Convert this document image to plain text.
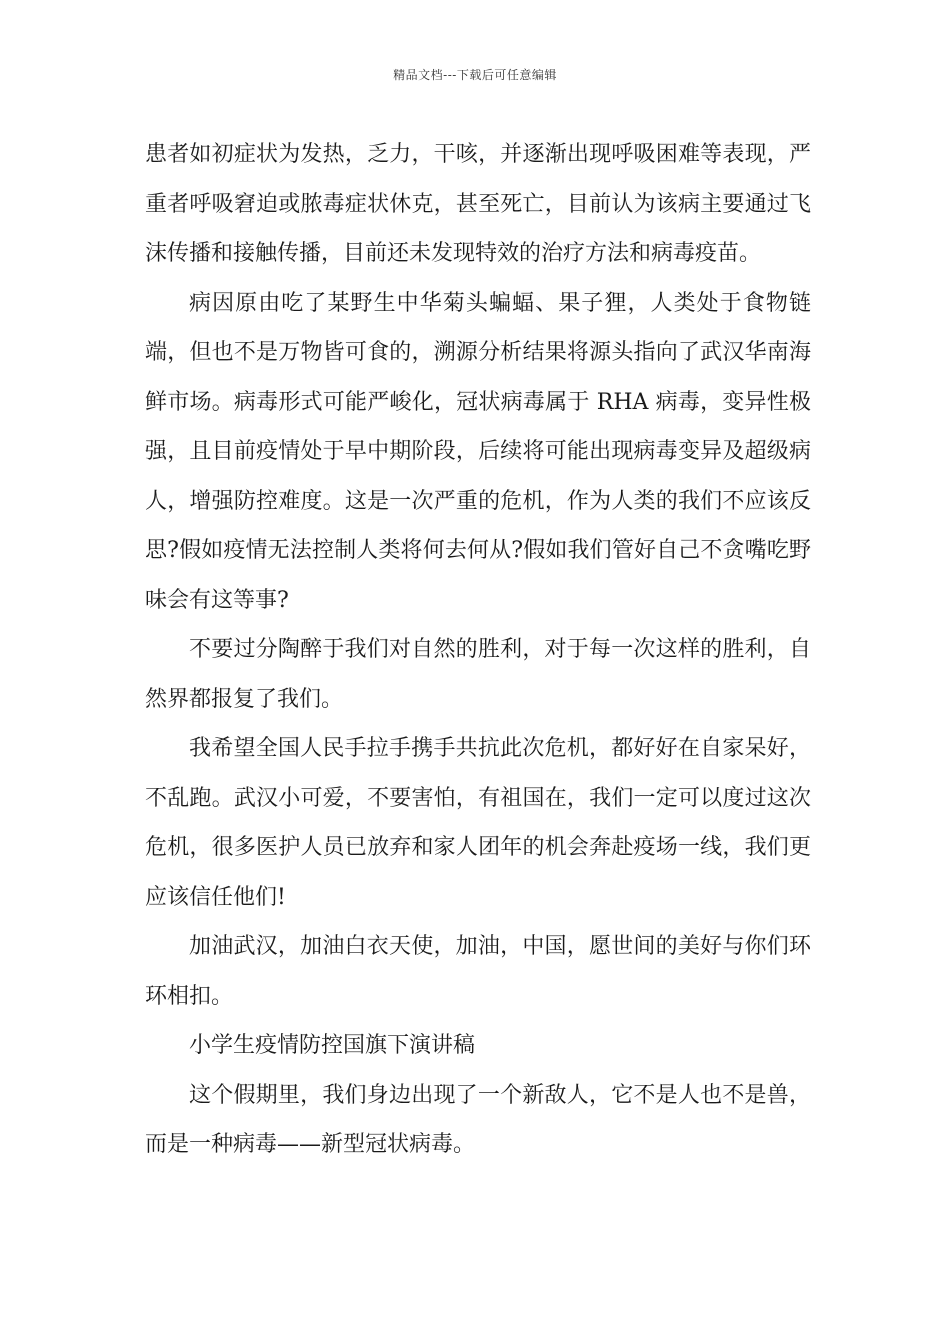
精品文档---下载后可任意编辑

患者如初症状为发热，乏力，干咳，并逐渐出现呼吸困难等表现，严重者呼吸窘迫或脓毒症状休克，甚至死亡，目前认为该病主要通过飞沫传播和接触传播，目前还未发现特效的治疗方法和病毒疫苗。

病因原由吃了某野生中华菊头蝙蝠、果子狸，人类处于食物链端，但也不是万物皆可食的，溯源分析结果将源头指向了武汉华南海鲜市场。病毒形式可能严峻化，冠状病毒属于 RHA 病毒，变异性极强，且目前疫情处于早中期阶段，后续将可能出现病毒变异及超级病人，增强防控难度。这是一次严重的危机，作为人类的我们不应该反思?假如疫情无法控制人类将何去何从?假如我们管好自己不贪嘴吃野味会有这等事?

不要过分陶醉于我们对自然的胜利，对于每一次这样的胜利，自然界都报复了我们。

我希望全国人民手拉手携手共抗此次危机，都好好在自家呆好，不乱跑。武汉小可爱，不要害怕，有祖国在，我们一定可以度过这次危机，很多医护人员已放弃和家人团年的机会奔赴疫场一线，我们更应该信任他们!

加油武汉，加油白衣天使，加油，中国，愿世间的美好与你们环环相扣。

小学生疫情防控国旗下演讲稿

这个假期里，我们身边出现了一个新敌人，它不是人也不是兽，而是一种病毒——新型冠状病毒。
